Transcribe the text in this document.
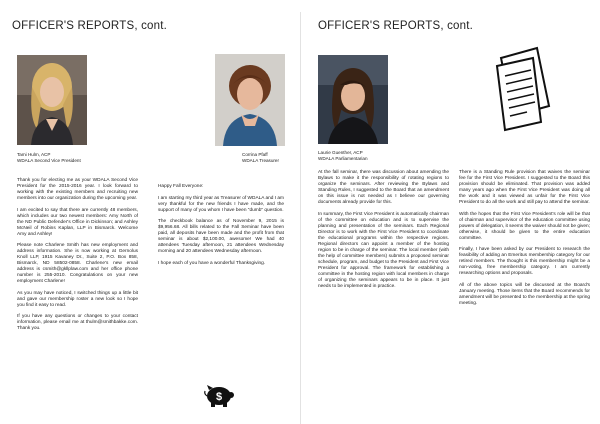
OFFICER'S REPORTS, cont.
Tami Hulm, ACP
WDALA Second Vice President
Corrina Pfaff
WDALA Treasurer

Thank you for electing me as your WDALA Second Vice President for the 2015-2016 year. I look forward to working with the existing members and recruiting new members into our organization during the upcoming year.

I am excited to say that there are currently 48 members, which includes our two newest members: Amy North of the ND Public Defender's Office in Dickinson; and Ashley McNeil of Robins Kaplan, LLP in Bismarck. Welcome Amy and Ashley!

Please note Charlene Smith has new employment and address information. She is now working at Gernolus Knoll LLP, 1915 Kavaney Dr., Suite 2, P.O. Box 858, Bismarck, ND 58502-0858. Charlene's new email address is csmith@gkllplaw.com and her office phone number is 255-2010. Congratulations on your new employment Charlene!

As you may have noticed, I switched things up a little bit and gave our membership roster a new look so I hope you find it easy to read.

If you have any questions or changes to your contact information, please email me at thulm@smithbakke.com. Thank you.

Happy Fall Everyone:

I am starting my third year as Treasurer of WDALA and I am very thankful for the new friends I have made, and the support of many of you whom I have been "dumb" question.

The checkbook balance as of November 9, 2015 is $9,956.68. All bills related to the Fall Seminar have been paid, all deposits have been made and the profit from that seminar is about $2,100.00, awesome! We had 40 attendees Tuesday afternoon, 21 attendees Wednesday morning and 20 attendees Wednesday afternoon.

I hope each of you have a wonderful Thanksgiving.

$
OFFICER'S REPORTS, cont.
Laurie Guenther, ACP
WDALA Parliamentarian

At the fall seminar, there was discussion about amending the Bylaws to make it the responsibility of rotating regions to organize the seminars. After reviewing the Bylaws and Standing Rules, I suggested to the Board that an amendment on this issue is not needed as I believe our governing documents already provide for this.

In summary, the First Vice President is automatically chairman of the committee on education and is to supervise the planning and presentation of the seminars. Each Regional Director is to work with the First Vice President to coordinate the educational programs within the respective regions. Regional directors can appoint a member of the hosting region to be in charge of the seminar. The local member (with the help of committee members) submits a proposed seminar schedule, program, and budget to the President and First Vice President for approval. The framework for establishing a committee in the hosting region with local members in charge of organizing the seminars appears to be in place. It just needs to be implemented in practice.

There is a Standing Rule provision that waives the seminar fee for the First Vice President. I suggested to the Board this provision should be eliminated. That provision was added many years ago when the First Vice President was doing all the work and it was viewed as unfair for the First Vice President to do all the work and still pay to attend the seminar.

With the hopes that the First Vice President's role will be that of chairman and supervisor of the education committee using powers of delegation, it seems the waiver should not be given; otherwise, it should be given to the entire education committee.

Finally, I have been asked by our President to research the feasibility of adding an Emeritus membership category for our retired members. The thought is this membership might be a non-voting, free membership category. I am currently researching options and proposals.

All of the above topics will be discussed at the Board's January meeting. Those items that the Board recommends for amendment will be presented to the membership at the spring meeting.
